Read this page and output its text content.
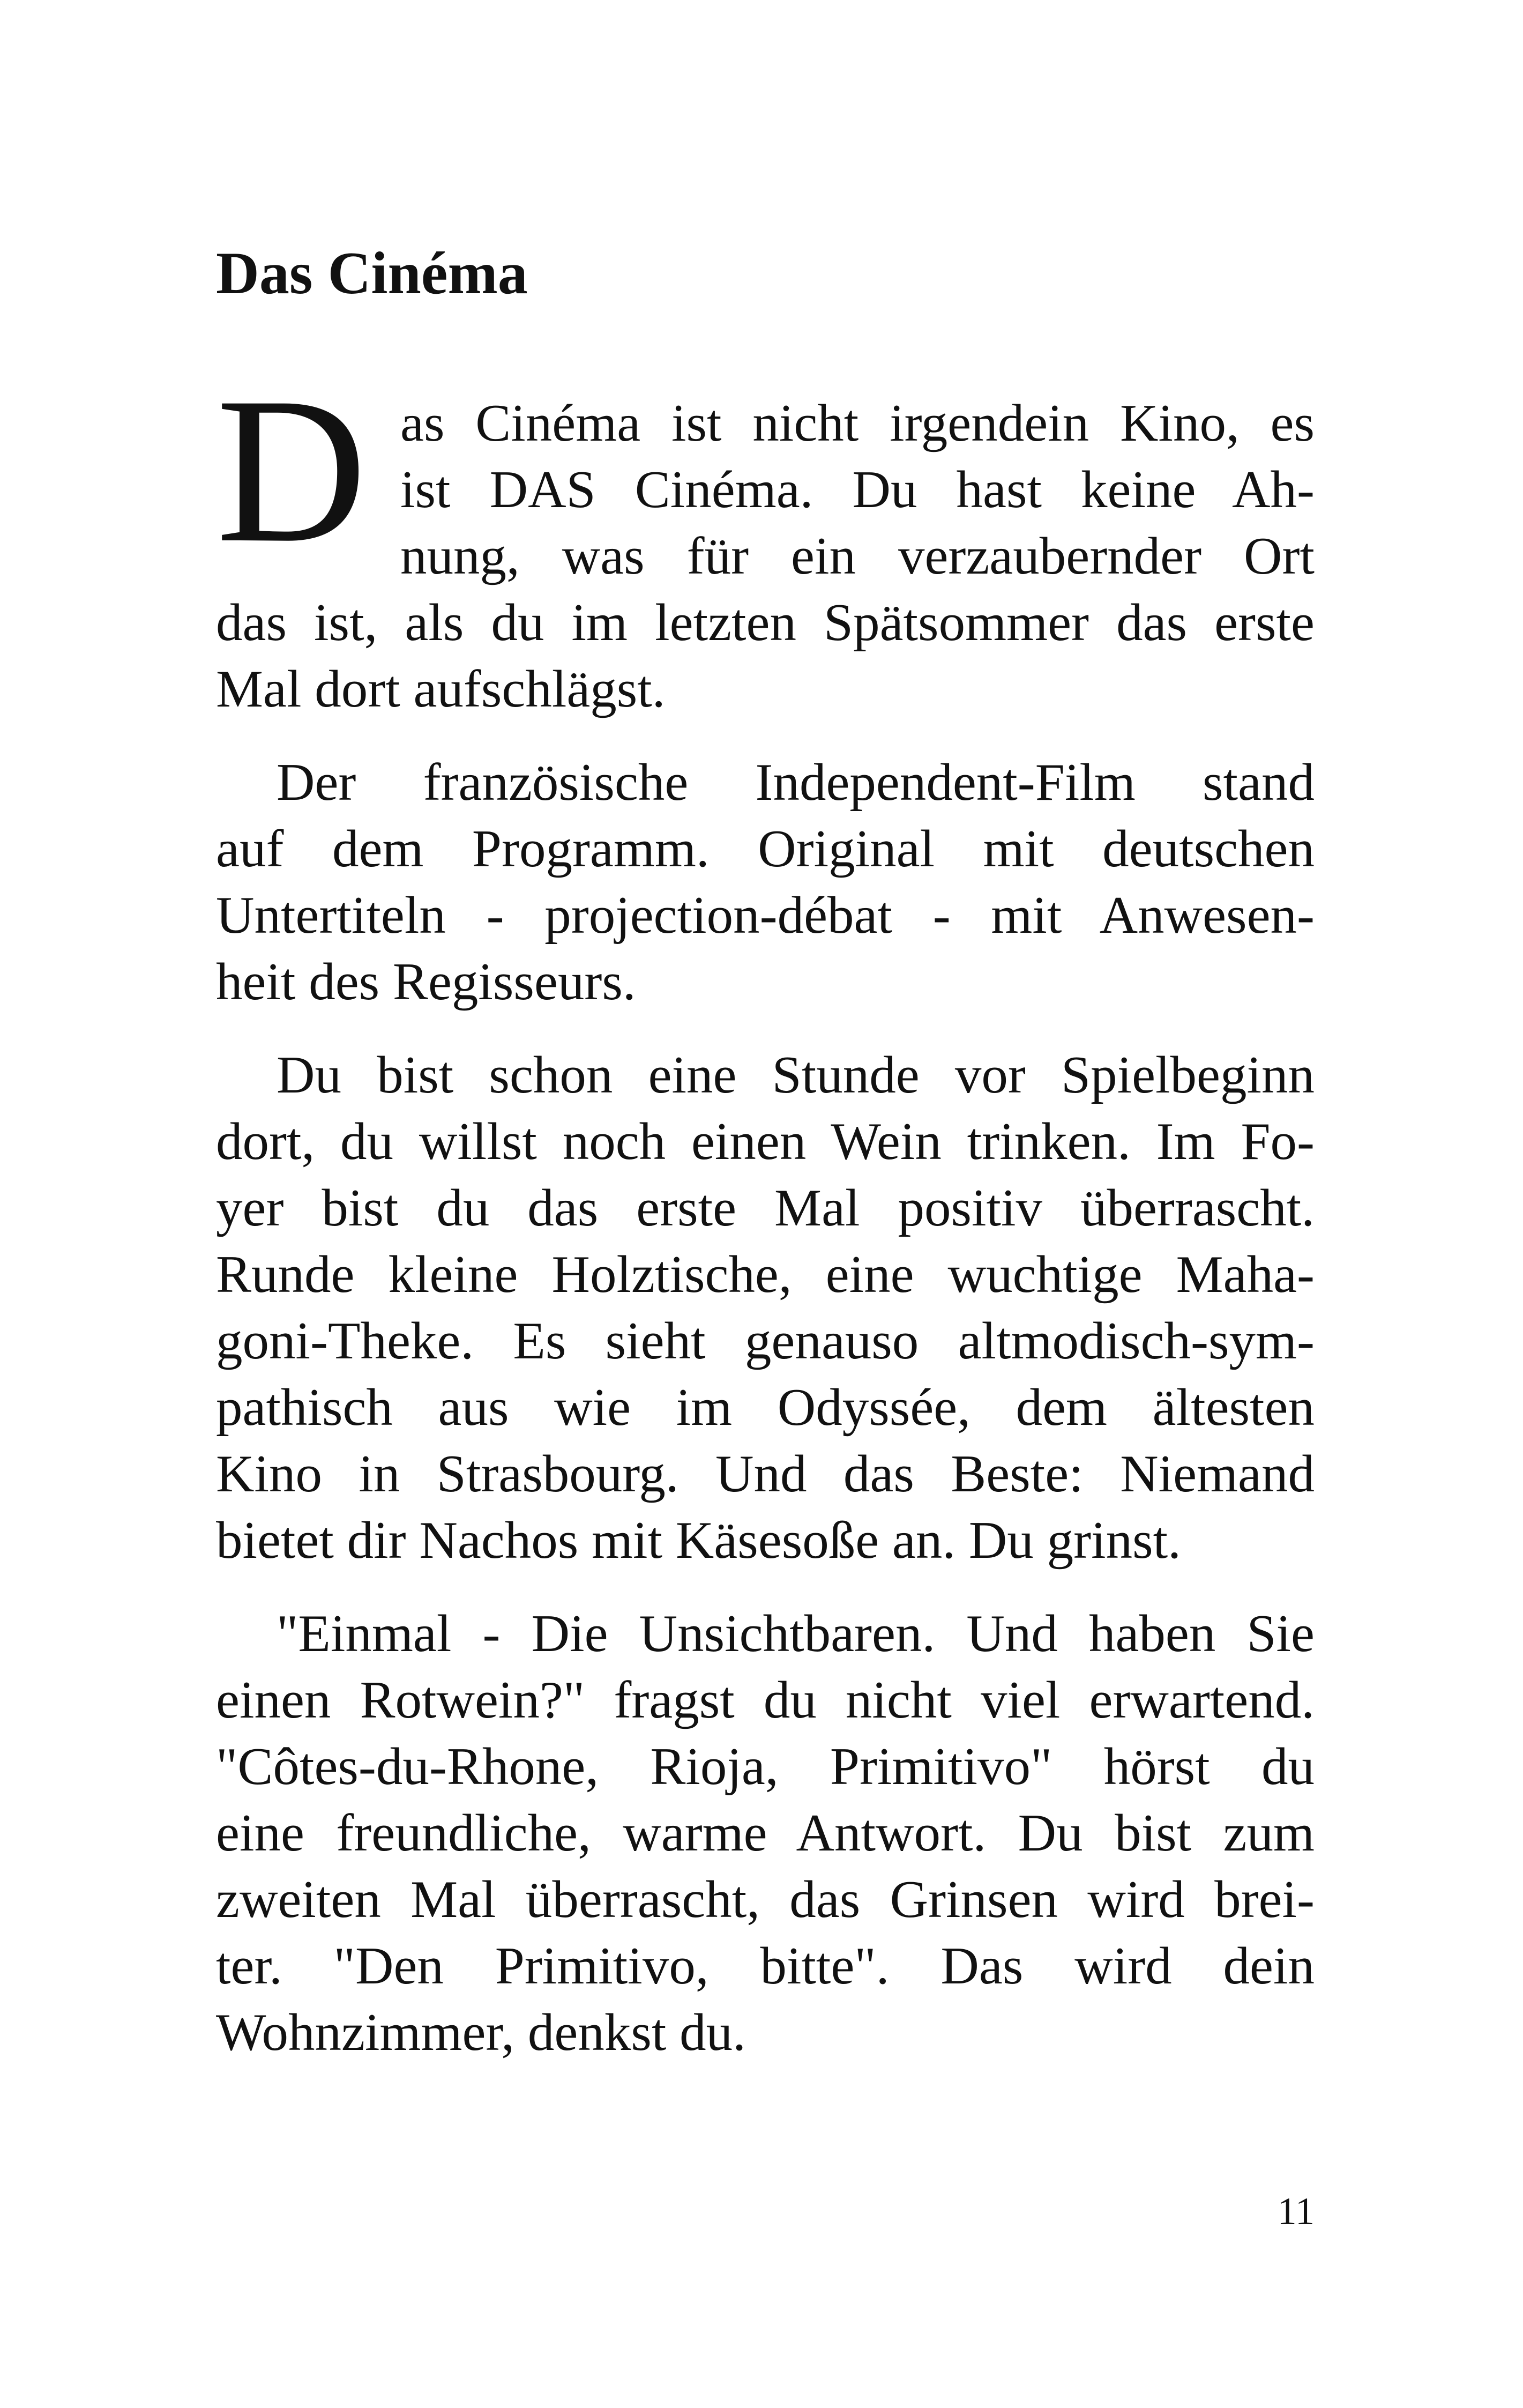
Das Cinéma
D as Cinéma ist nicht irgendein Kino, es
ist DAS Cinéma. Du hast keine Ah-
nung, was für ein verzaubernder Ort
das ist, als du im letzten Spätsommer das erste
Mal dort aufschlägst.
Der französische Independent-Film stand
auf dem Programm. Original mit deutschen
Untertiteln - projection-débat - mit Anwesen-
heit des Regisseurs.
Du bist schon eine Stunde vor Spielbeginn
dort, du willst noch einen Wein trinken. Im Fo-
yer bist du das erste Mal positiv überrascht.
Runde kleine Holztische, eine wuchtige Maha-
goni-Theke. Es sieht genauso altmodisch-sym-
pathisch aus wie im Odyssée, dem ältesten
Kino in Strasbourg. Und das Beste: Niemand
bietet dir Nachos mit Käsesoße an. Du grinst.
"Einmal - Die Unsichtbaren. Und haben Sie
einen Rotwein?" fragst du nicht viel erwartend.
"Côtes-du-Rhone, Rioja, Primitivo" hörst du
eine freundliche, warme Antwort. Du bist zum
zweiten Mal überrascht, das Grinsen wird brei-
ter. "Den Primitivo, bitte". Das wird dein
Wohnzimmer, denkst du.
11
